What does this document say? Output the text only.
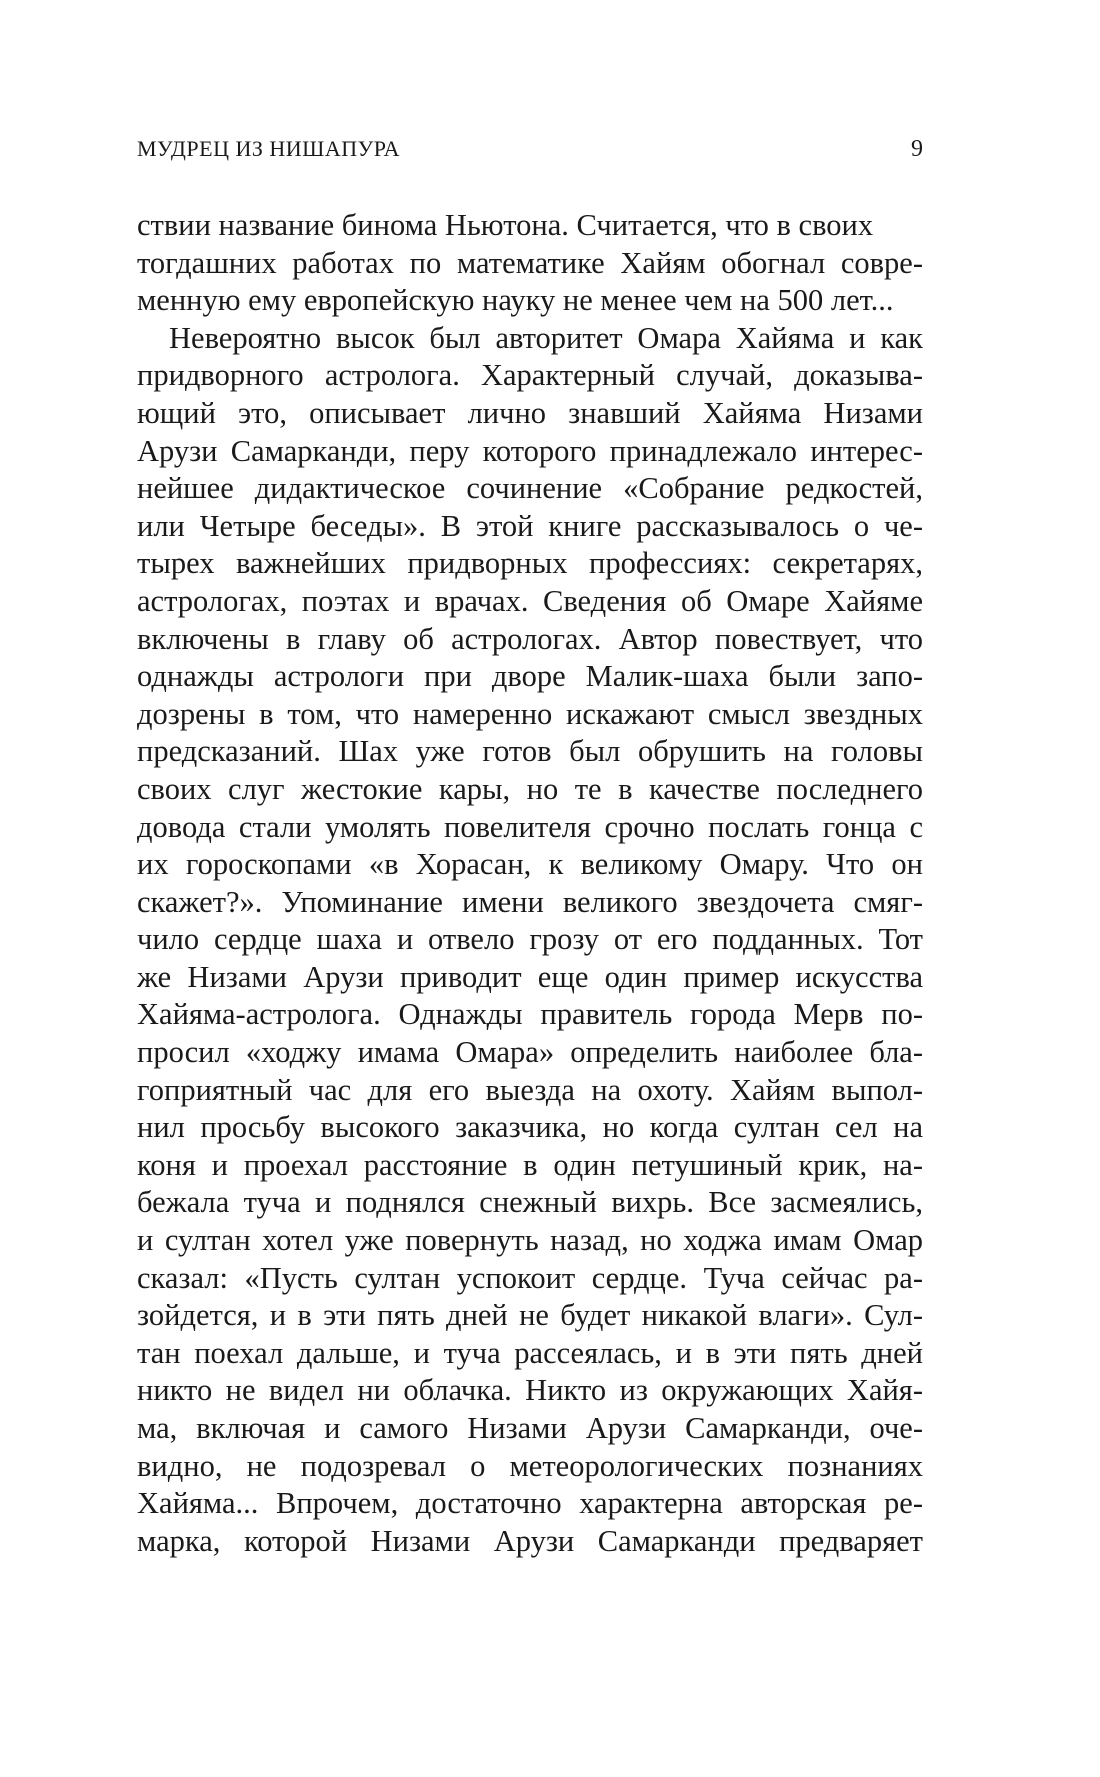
МУДРЕЦ ИЗ НИШАПУРА	9
ствии название бинома Ньютона. Считается, что в своих
тогдашних работах по математике Хайям обогнал совре-
менную ему европейскую науку не менее чем на 500 лет...
Невероятно высок был авторитет Омара Хайяма и как
придворного астролога. Характерный случай, доказыва-
ющий это, описывает лично знавший Хайяма Низами
Арузи Самарканди, перу которого принадлежало интерес-
нейшее дидактическое сочинение «Собрание редкостей,
или Четыре беседы». В этой книге рассказывалось о че-
тырех важнейших придворных профессиях: секретарях,
астрологах, поэтах и врачах. Сведения об Омаре Хайяме
включены в главу об астрологах. Автор повествует, что
однажды астрологи при дворе Малик-шаха были запо-
дозрены в том, что намеренно искажают смысл звездных
предсказаний. Шах уже готов был обрушить на головы
своих слуг жестокие кары, но те в качестве последнего
довода стали умолять повелителя срочно послать гонца с
их гороскопами «в Хорасан, к великому Омару. Что он
скажет?». Упоминание имени великого звездочета смяг-
чило сердце шаха и отвело грозу от его подданных. Тот
же Низами Арузи приводит еще один пример искусства
Хайяма-астролога. Однажды правитель города Мерв по-
просил «ходжу имама Омара» определить наиболее бла-
гоприятный час для его выезда на охоту. Хайям выпол-
нил просьбу высокого заказчика, но когда султан сел на
коня и проехал расстояние в один петушиный крик, на-
бежала туча и поднялся снежный вихрь. Все засмеялись,
и султан хотел уже повернуть назад, но ходжа имам Омар
сказал: «Пусть султан успокоит сердце. Туча сейчас ра-
зойдется, и в эти пять дней не будет никакой влаги». Сул-
тан поехал дальше, и туча рассеялась, и в эти пять дней
никто не видел ни облачка. Никто из окружающих Хайя-
ма, включая и самого Низами Арузи Самарканди, оче-
видно, не подозревал о метеорологических познаниях
Хайяма... Впрочем, достаточно характерна авторская ре-
марка, которой Низами Арузи Самарканди предваряет
